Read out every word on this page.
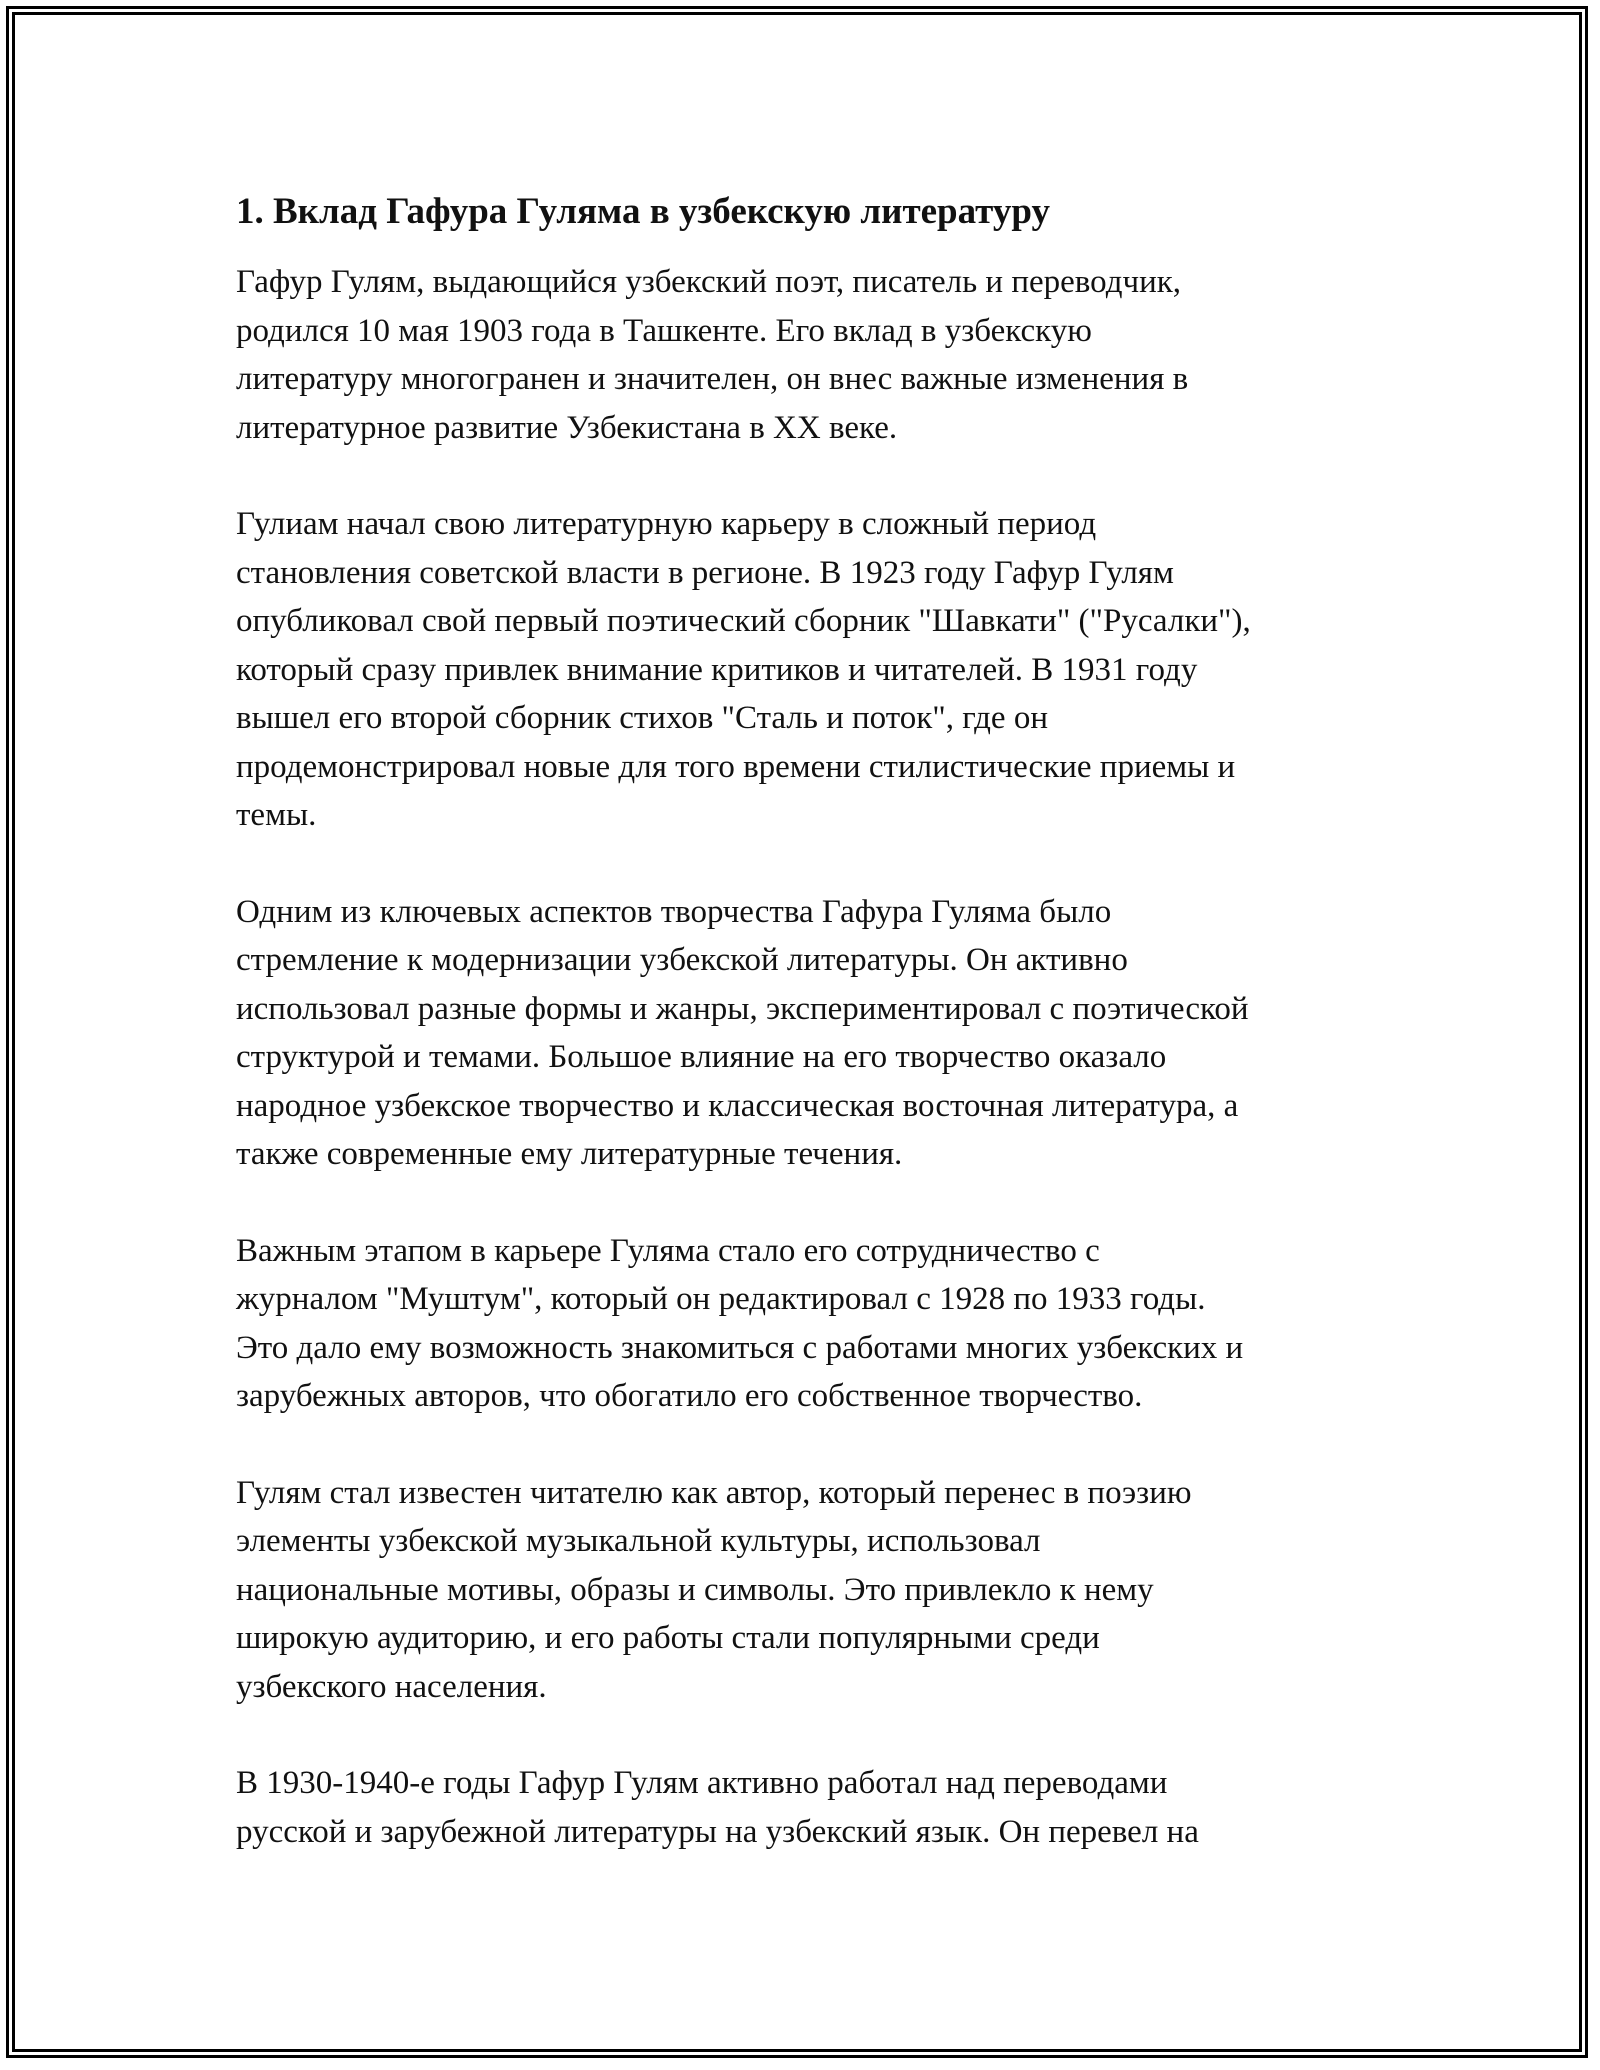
1. Вклад Гафура Гуляма в узбекскую литературу

Гафур Гулям, выдающийся узбекский поэт, писатель и переводчик,
родился 10 мая 1903 года в Ташкенте. Его вклад в узбекскую
литературу многогранен и значителен, он внес важные изменения в
литературное развитие Узбекистана в XX веке.

Гулиам начал свою литературную карьеру в сложный период
становления советской власти в регионе. В 1923 году Гафур Гулям
опубликовал свой первый поэтический сборник "Шавкати" ("Русалки"),
который сразу привлек внимание критиков и читателей. В 1931 году
вышел его второй сборник стихов "Сталь и поток", где он
продемонстрировал новые для того времени стилистические приемы и
темы.

Одним из ключевых аспектов творчества Гафура Гуляма было
стремление к модернизации узбекской литературы. Он активно
использовал разные формы и жанры, экспериментировал с поэтической
структурой и темами. Большое влияние на его творчество оказало
народное узбекское творчество и классическая восточная литература, а
также современные ему литературные течения.

Важным этапом в карьере Гуляма стало его сотрудничество с
журналом "Муштум", который он редактировал с 1928 по 1933 годы.
Это дало ему возможность знакомиться с работами многих узбекских и
зарубежных авторов, что обогатило его собственное творчество.

Гулям стал известен читателю как автор, который перенес в поэзию
элементы узбекской музыкальной культуры, использовал
национальные мотивы, образы и символы. Это привлекло к нему
широкую аудиторию, и его работы стали популярными среди
узбекского населения.

В 1930-1940-е годы Гафур Гулям активно работал над переводами
русской и зарубежной литературы на узбекский язык. Он перевел на
